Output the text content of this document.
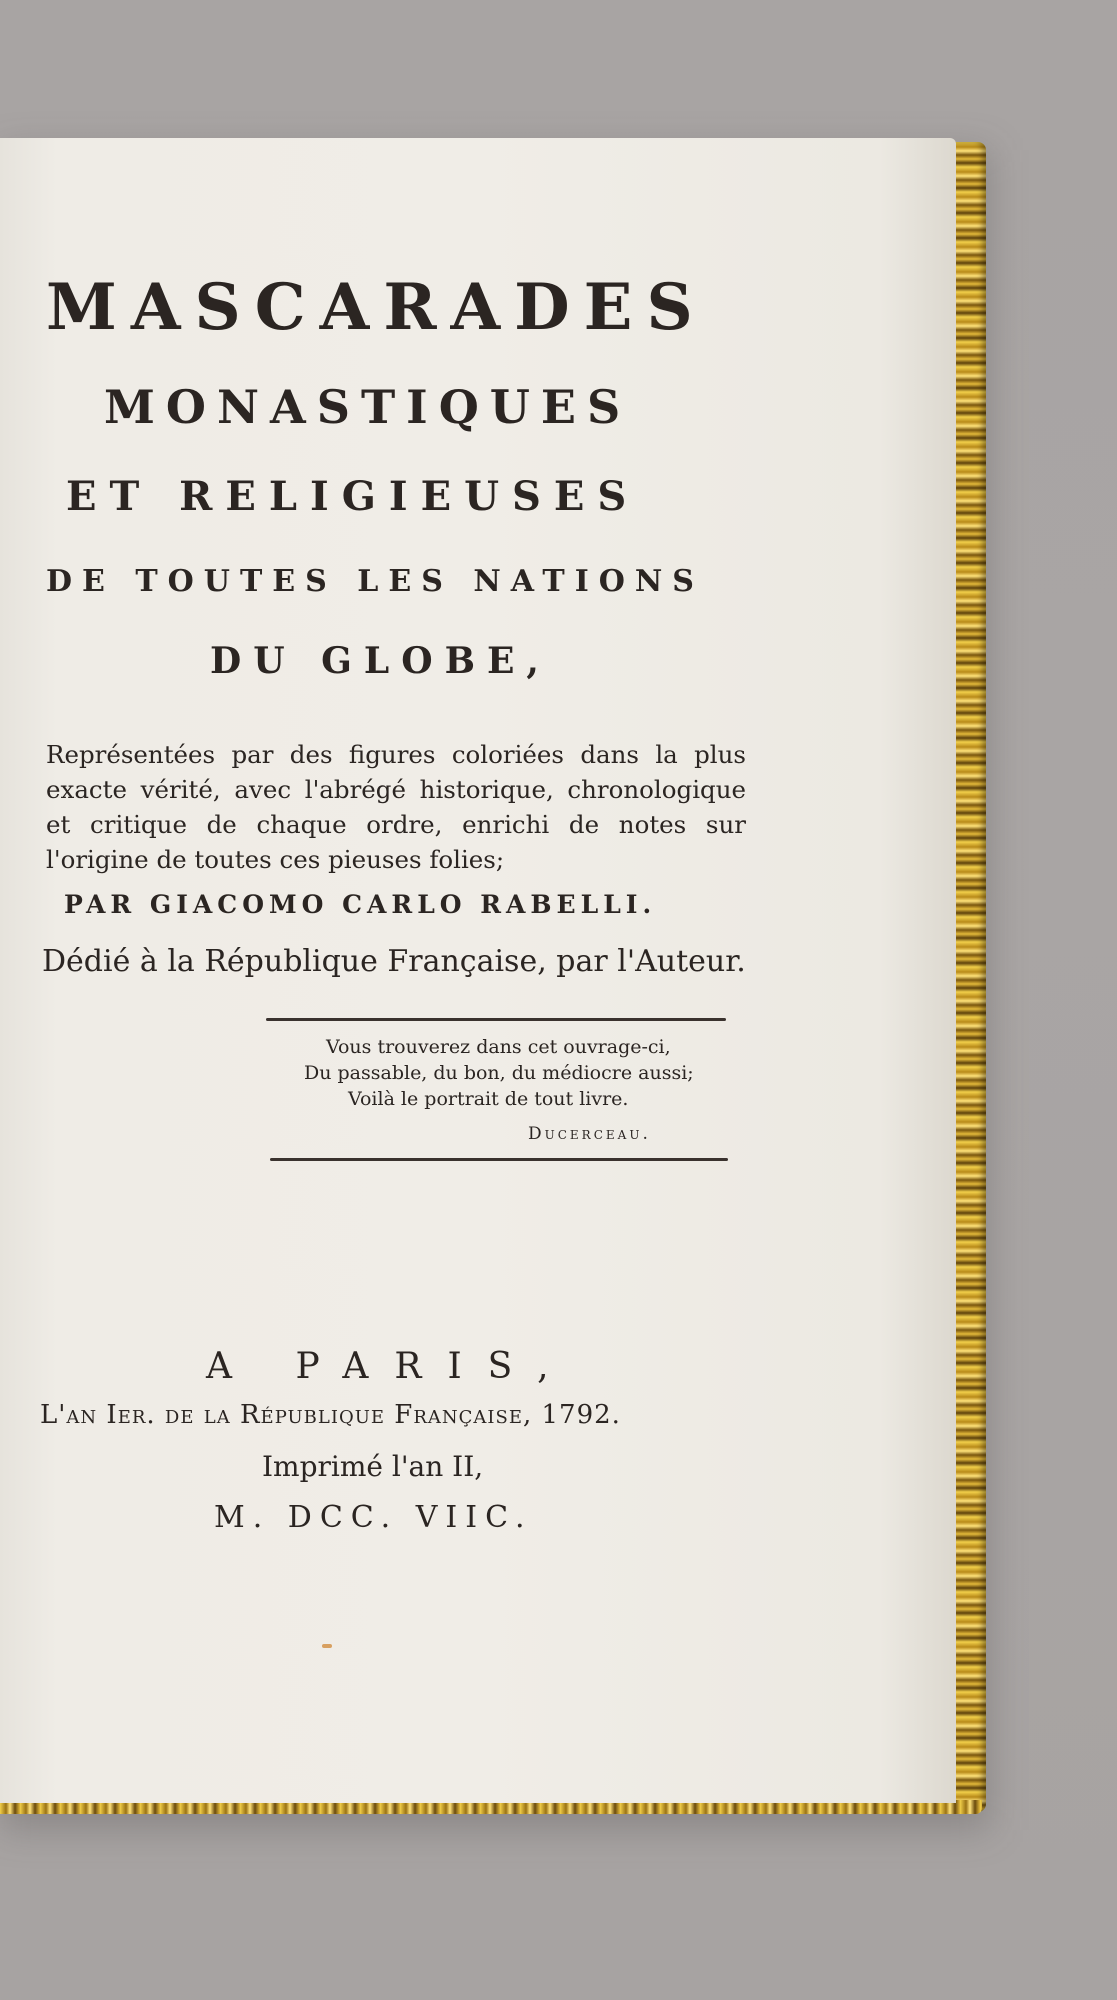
MASCARADES

MONASTIQUES

ET RELIGIEUSES

DE TOUTES LES NATIONS

DU GLOBE,

Représentées par des figures coloriées dans la plus exacte vérité, avec l'abrégé historique, chronologique et critique de chaque ordre, enrichi de notes sur l'origine de toutes ces pieuses folies;

PAR GIACOMO CARLO RABELLI.

Dédié à la République Française, par l'Auteur.

Vous trouverez dans cet ouvrage-ci,
Du passable, du bon, du médiocre aussi;
Voilà le portrait de tout livre.
Ducerceau.

A PARIS,

L'an Ier. de la République Française, 1792.

Imprimé l'an II,

M. DCC. VIIC.
